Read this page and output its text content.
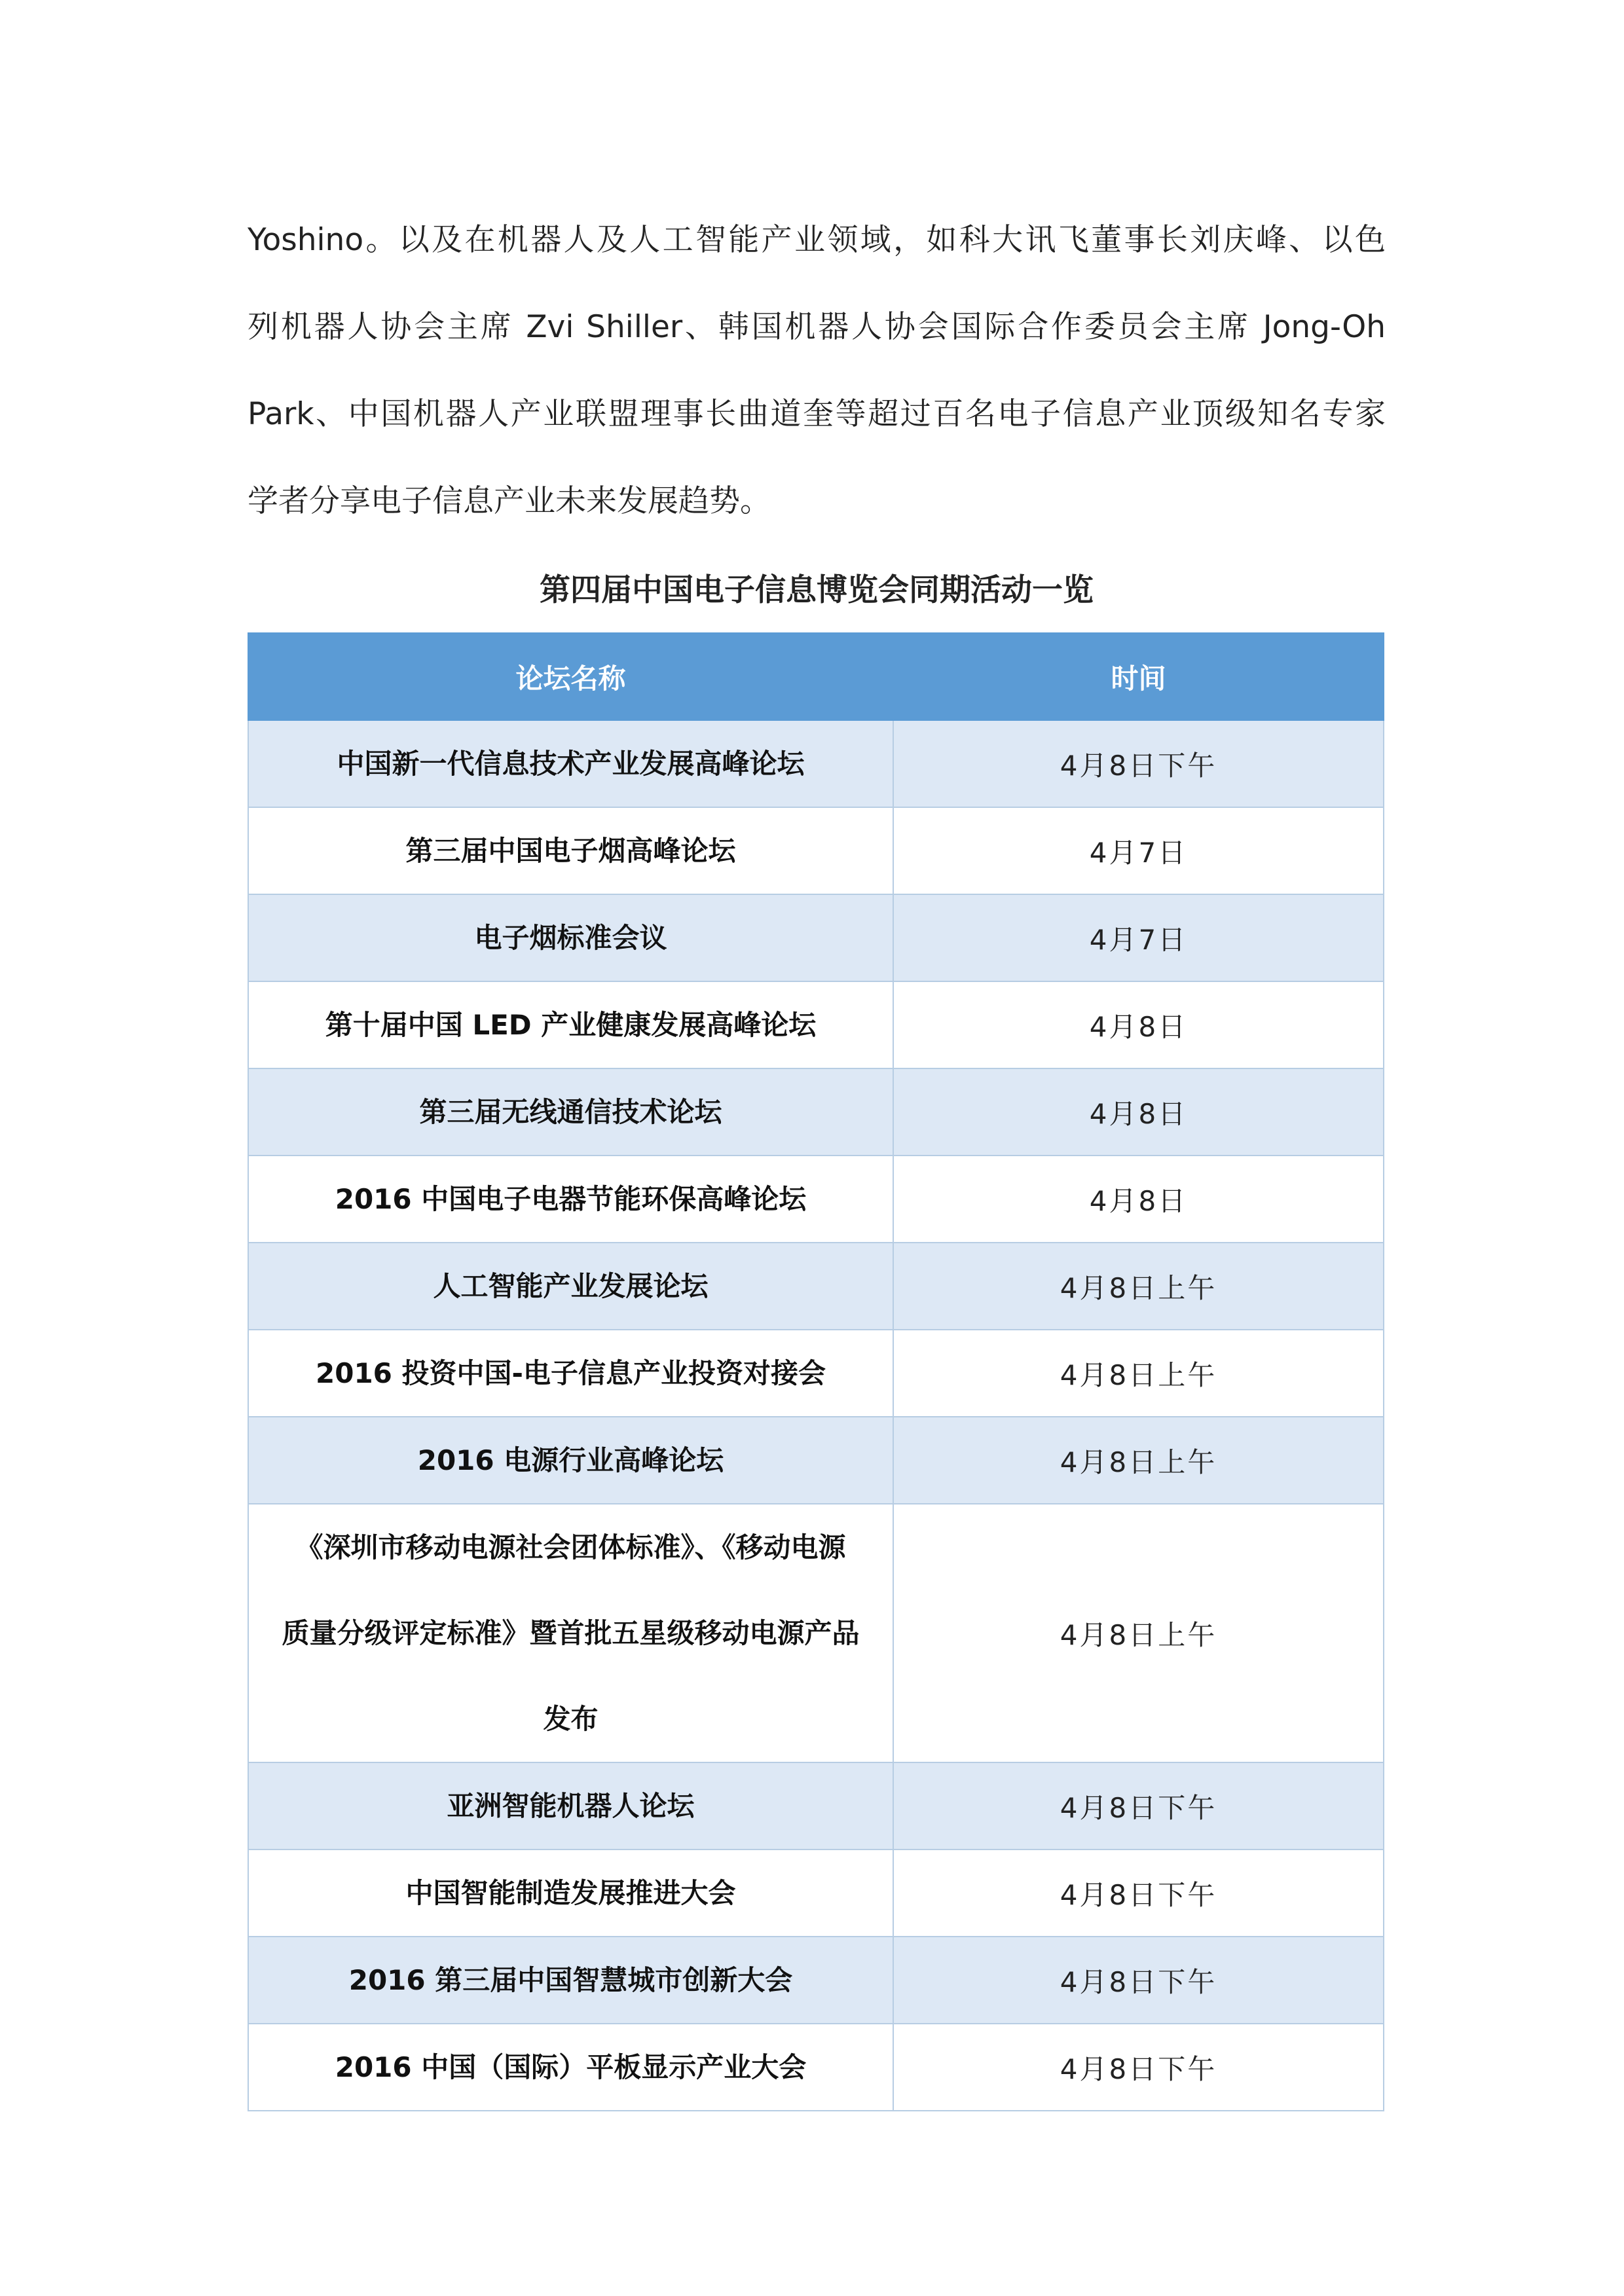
Yoshino。以及在机器人及人工智能产业领域，如科大讯飞董事长刘庆峰、以色
列机器人协会主席 Zvi Shiller、韩国机器人协会国际合作委员会主席 Jong-Oh
Park、中国机器人产业联盟理事长曲道奎等超过百名电子信息产业顶级知名专家
学者分享电子信息产业未来发展趋势。

第四届中国电子信息博览会同期活动一览
论坛名称	时间
中国新一代信息技术产业发展高峰论坛	4月8日下午
第三届中国电子烟高峰论坛	4月7日
电子烟标准会议	4月7日
第十届中国 LED 产业健康发展高峰论坛	4月8日
第三届无线通信技术论坛	4月8日
2016 中国电子电器节能环保高峰论坛	4月8日
人工智能产业发展论坛	4月8日上午
2016 投资中国-电子信息产业投资对接会	4月8日上午
2016 电源行业高峰论坛	4月8日上午
《深圳市移动电源社会团体标准》、《移动电源
质量分级评定标准》暨首批五星级移动电源产品
发布	4月8日上午
亚洲智能机器人论坛	4月8日下午
中国智能制造发展推进大会	4月8日下午
2016 第三届中国智慧城市创新大会	4月8日下午
2016 中国（国际）平板显示产业大会	4月8日下午
